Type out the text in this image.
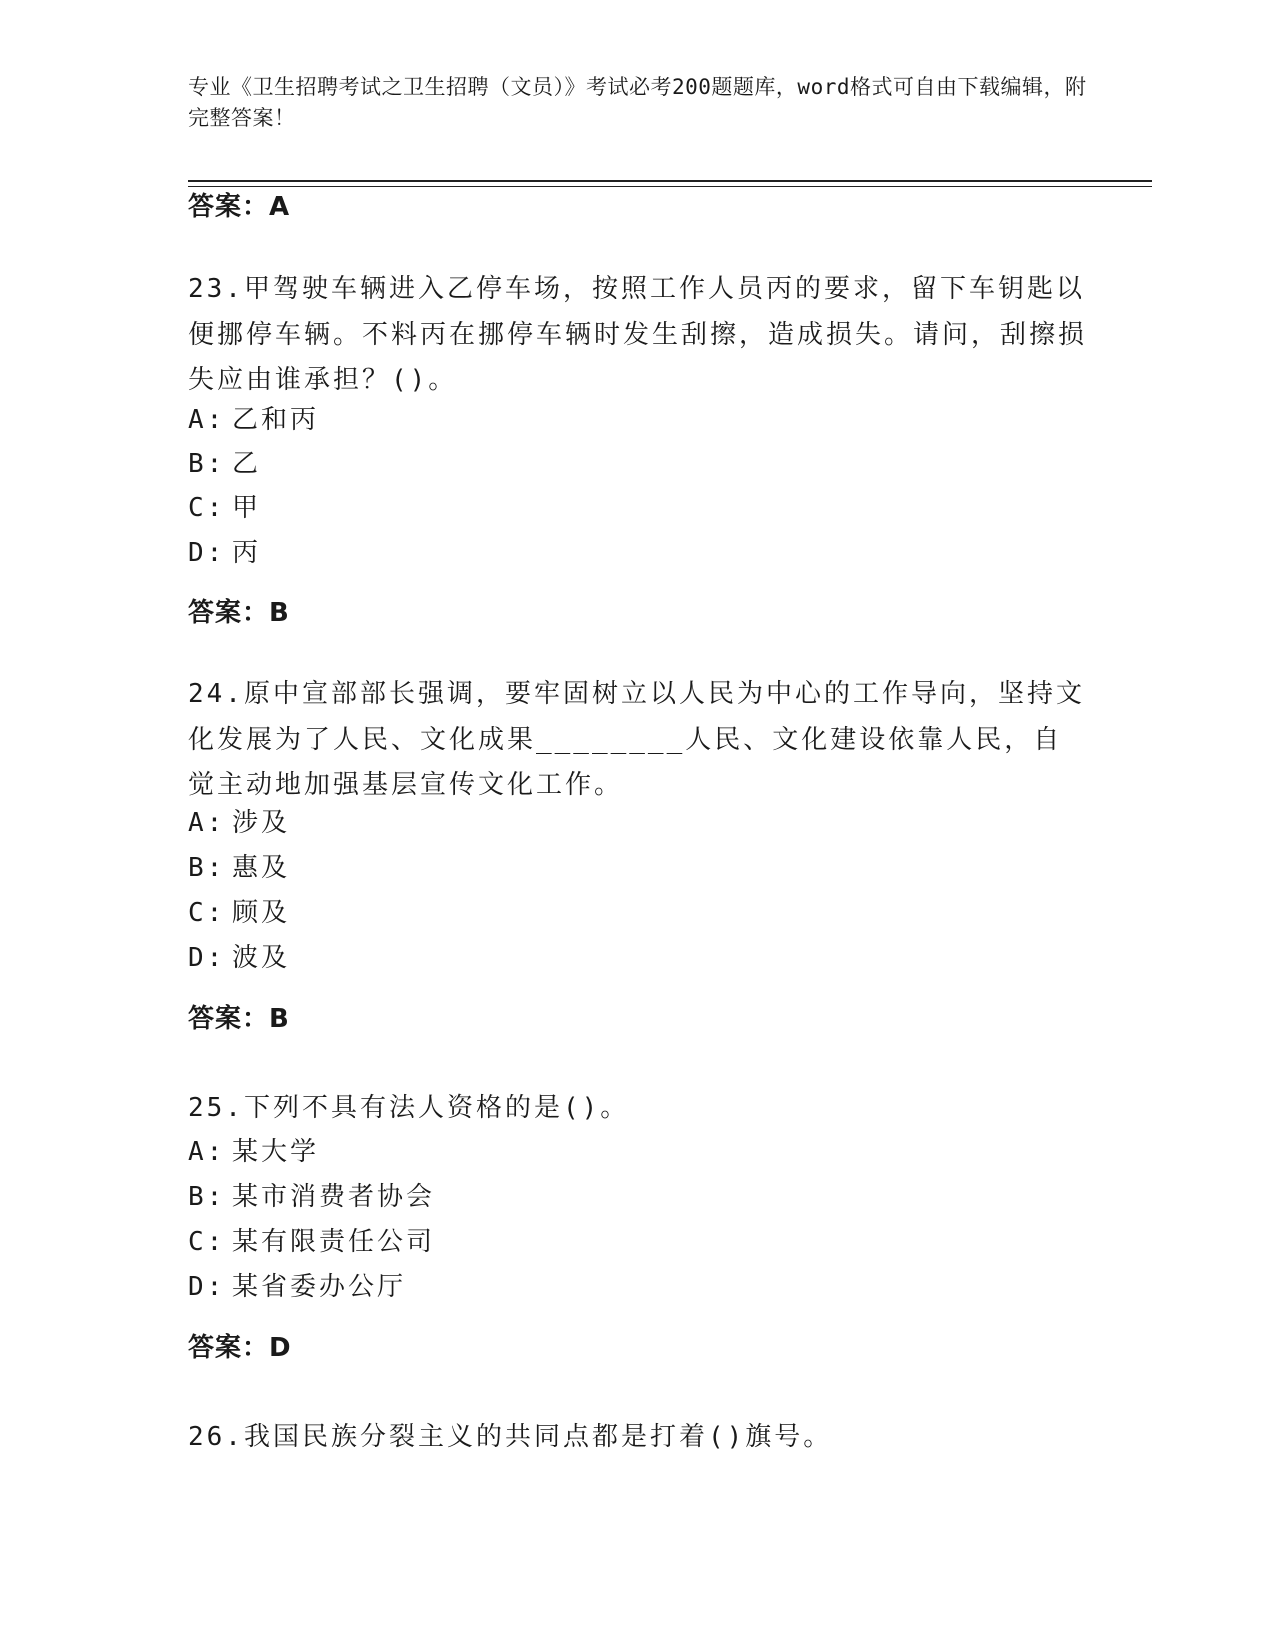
专业《卫生招聘考试之卫生招聘（文员）》考试必考200题题库，word格式可自由下载编辑，附完整答案！
答案：A
23.甲驾驶车辆进入乙停车场，按照工作人员丙的要求，留下车钥匙以便挪停车辆。不料丙在挪停车辆时发生刮擦，造成损失。请问，刮擦损失应由谁承担？()。
A: 乙和丙
B: 乙
C: 甲
D: 丙
答案：B
24.原中宣部部长强调，要牢固树立以人民为中心的工作导向，坚持文化发展为了人民、文化成果________人民、文化建设依靠人民，自觉主动地加强基层宣传文化工作。
A: 涉及
B: 惠及
C: 顾及
D: 波及
答案：B
25.下列不具有法人资格的是()。
A: 某大学
B: 某市消费者协会
C: 某有限责任公司
D: 某省委办公厅
答案：D
26.我国民族分裂主义的共同点都是打着()旗号。
